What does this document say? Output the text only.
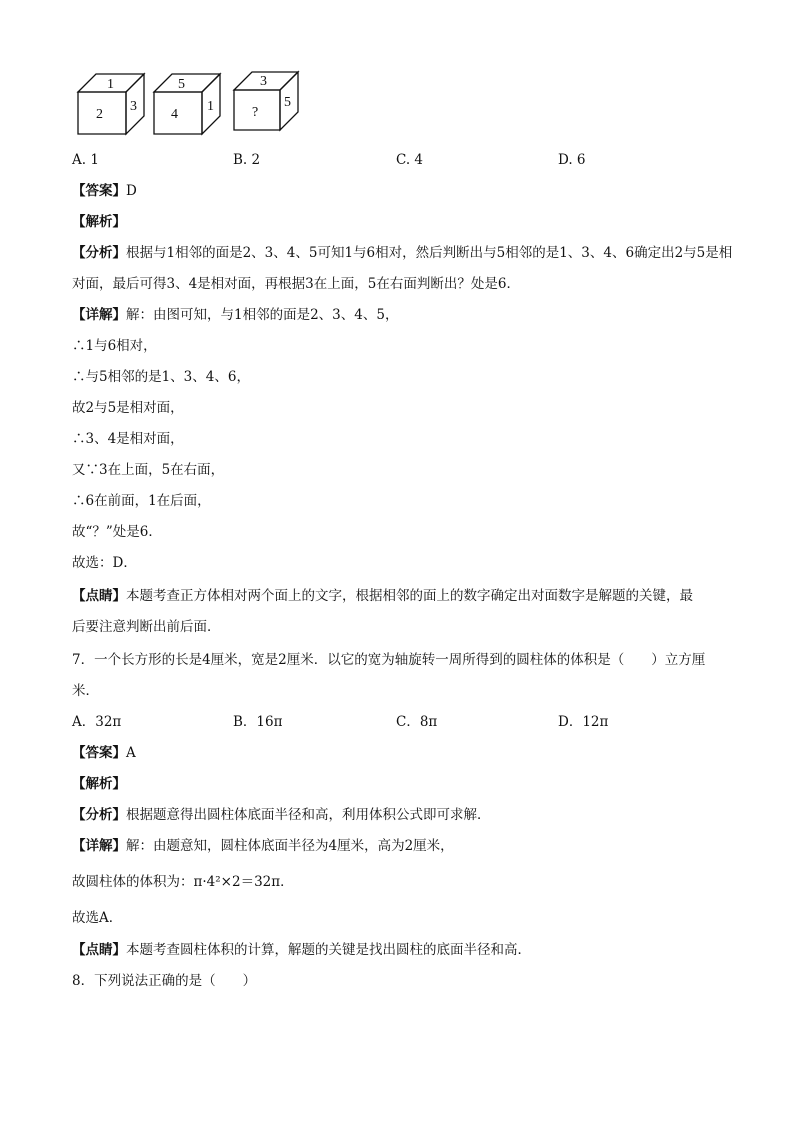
1
2
3
5
4
1
3
?
5
A. 1	B. 2	C. 4	D. 6
【答案】D
【解析】
【分析】根据与1相邻的面是2、3、4、5可知1与6相对，然后判断出与5相邻的是1、3、4、6确定出2与5是相
对面，最后可得3、4是相对面，再根据3在上面，5在右面判断出？处是6．
【详解】解：由图可知，与1相邻的面是2、3、4、5，
∴1与6相对，
∴与5相邻的是1、3、4、6，
故2与5是相对面，
∴3、4是相对面，
又∵3在上面，5在右面，
∴6在前面，1在后面，
故“？”处是6．
故选：D．
【点睛】本题考查正方体相对两个面上的文字，根据相邻的面上的数字确定出对面数字是解题的关键，最
后要注意判断出前后面．
7．一个长方形的长是4厘米，宽是2厘米．以它的宽为轴旋转一周所得到的圆柱体的体积是（　　）立方厘
米．
A．32π	B．16π	C．8π	D．12π
【答案】A
【解析】
【分析】根据题意得出圆柱体底面半径和高，利用体积公式即可求解．
【详解】解：由题意知，圆柱体底面半径为4厘米，高为2厘米，
故圆柱体的体积为：π·4²×2＝32π．
故选A．
【点睛】本题考查圆柱体积的计算，解题的关键是找出圆柱的底面半径和高．
8．下列说法正确的是（　　）
